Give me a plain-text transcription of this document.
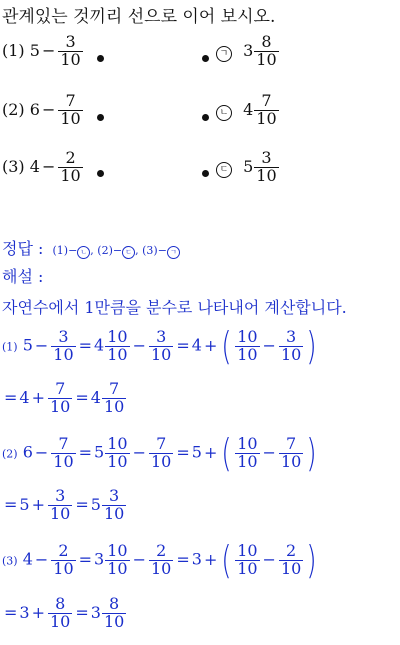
관계있는 것끼리 선으로 이어 보시오.
(1) $5 - \frac{3}{10}$
(2) $6 - \frac{7}{10}$
(3) $4 - \frac{2}{10}$
ㄱ $3 \frac{8}{10}$
ㄴ $4 \frac{7}{10}$
ㄷ $5 \frac{3}{10}$
정답 : (1)− ㄴ , (2)− ㄷ , (3)− ㄱ
해설 :
자연수에서 1만큼을 분수로 나타내어 계산합니다.
(1) $5 - \frac{3}{10} = 4 \frac{10}{10} - \frac{3}{10} = 4$ + ( $\frac{10}{10} - \frac{3}{10}$ )
= $4 + \frac{7}{10} = 4 \frac{7}{10}$
(2) $6 - \frac{7}{10} = 5 \frac{10}{10} - \frac{7}{10} = 5$ + ( $\frac{10}{10} - \frac{7}{10}$ )
= $5 + \frac{3}{10} = 5 \frac{3}{10}$
(3) $4 - \frac{2}{10} = 3 \frac{10}{10} - \frac{2}{10} = 3$ + ( $\frac{10}{10} - \frac{2}{10}$ )
= $3 + \frac{8}{10} = 3 \frac{8}{10}$
